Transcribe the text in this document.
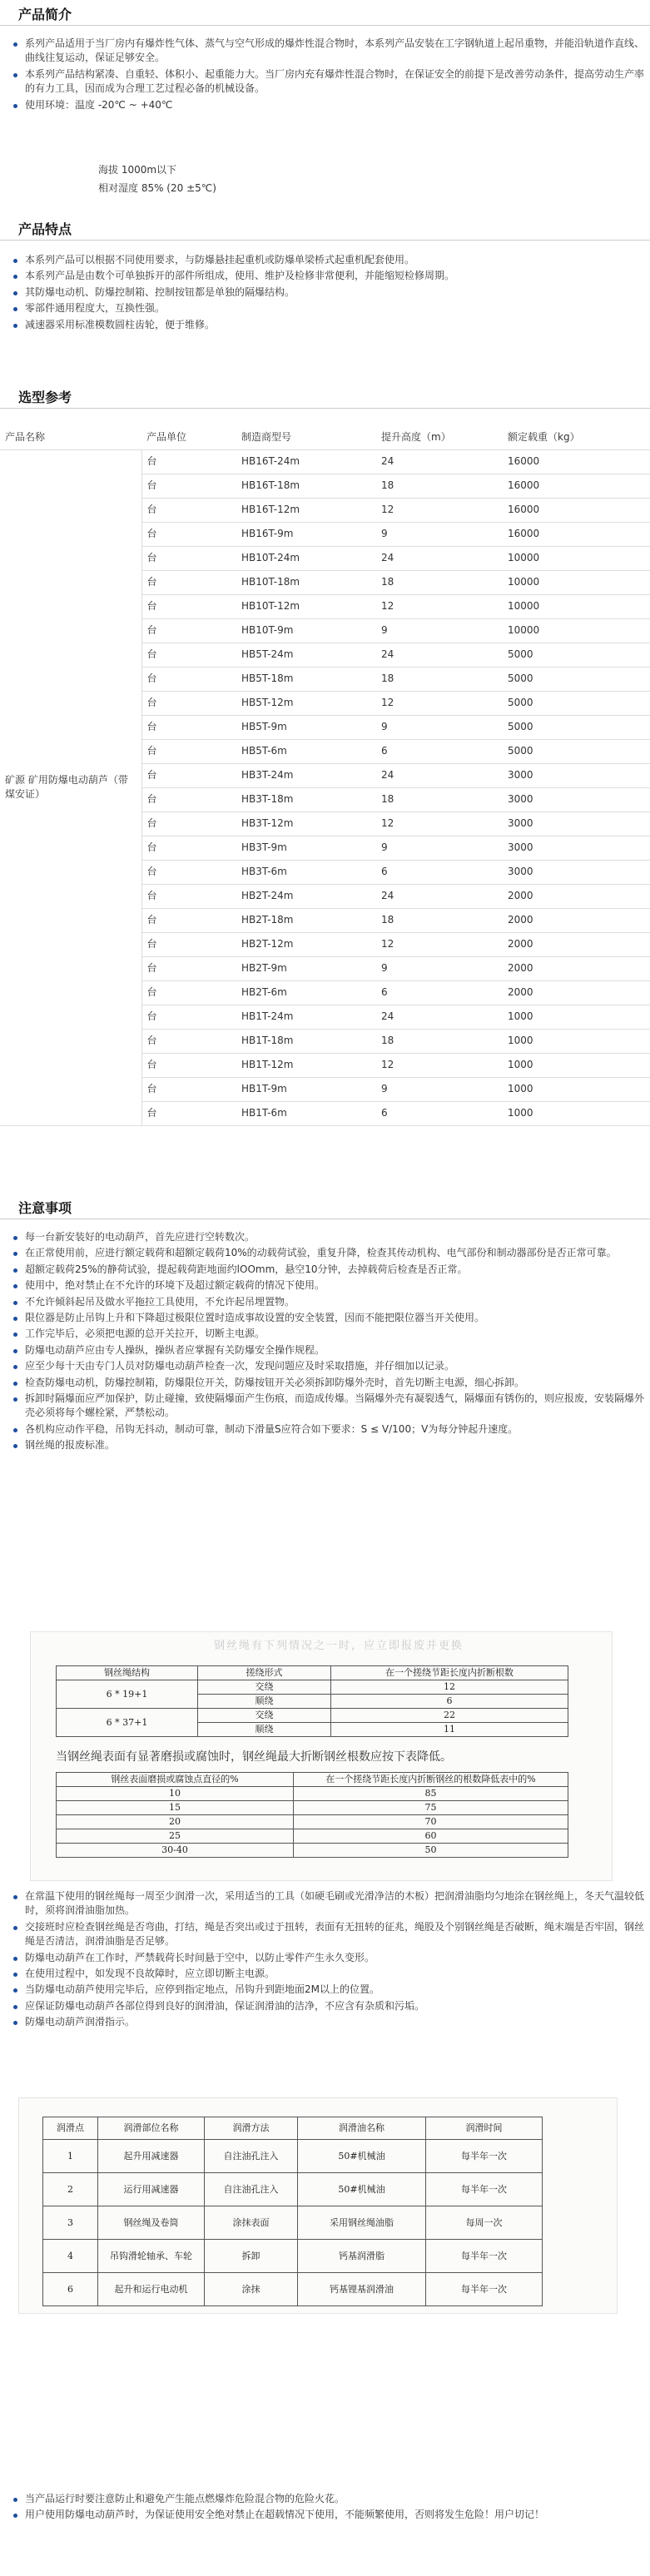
产品简介
系列产品适用于当厂房内有爆炸性气体、蒸气与空气形成的爆炸性混合物时，本系列产品安装在工字钢轨道上起吊重物，并能沿轨道作直线、曲线往复运动，保证足够安全。
本系列产品结构紧凑、自重轻、体积小、起重能力大。当厂房内充有爆炸性混合物时，在保证安全的前提下是改善劳动条件，提高劳动生产率的有力工具，因而成为合理工艺过程必备的机械设备。
使用环境：温度 -20℃ ~ +40℃
海拔 1000m以下
相对湿度 85% (20 ±5℃)
产品特点
本系列产品可以根据不同使用要求，与防爆悬挂起重机或防爆单梁桥式起重机配套使用。
本系列产品是由数个可单独拆开的部件所组成，使用、维护及检修非常便利，并能缩短检修周期。
其防爆电动机、防爆控制箱、控制按钮都是单独的隔爆结构。
零部件通用程度大，互换性强。
减速器采用标准模数圆柱齿轮，便于维修。
选型参考
产品名称	产品单位	制造商型号	提升高度（m）	额定载重（kg）
矿源 矿用防爆电动葫芦（带煤安证）	台	HB16T-24m	24	16000
	台	HB16T-18m	18	16000
	台	HB16T-12m	12	16000
	台	HB16T-9m	9	16000
	台	HB10T-24m	24	10000
	台	HB10T-18m	18	10000
	台	HB10T-12m	12	10000
	台	HB10T-9m	9	10000
	台	HB5T-24m	24	5000
	台	HB5T-18m	18	5000
	台	HB5T-12m	12	5000
	台	HB5T-9m	9	5000
	台	HB5T-6m	6	5000
	台	HB3T-24m	24	3000
	台	HB3T-18m	18	3000
	台	HB3T-12m	12	3000
	台	HB3T-9m	9	3000
	台	HB3T-6m	6	3000
	台	HB2T-24m	24	2000
	台	HB2T-18m	18	2000
	台	HB2T-12m	12	2000
	台	HB2T-9m	9	2000
	台	HB2T-6m	6	2000
	台	HB1T-24m	24	1000
	台	HB1T-18m	18	1000
	台	HB1T-12m	12	1000
	台	HB1T-9m	9	1000
	台	HB1T-6m	6	1000
注意事项
每一台新安装好的电动葫芦，首先应进行空转数次。
在正常使用前，应进行额定载荷和超额定载荷10%的动载荷试验，重复升降，检查其传动机构、电气部份和制动器部份是否正常可靠。
超额定载荷25%的静荷试验，提起载荷距地面约lOOmm，悬空10分钟，去掉载荷后检查是否正常。
使用中，绝对禁止在不允许的环境下及超过额定载荷的情况下使用。
不允许倾斜起吊及做水平拖拉工具使用，不允许起吊埋置物。
限位器是防止吊钩上升和下降超过极限位置时造成事故设置的安全装置，因而不能把限位器当开关使用。
工作完毕后，必须把电源的总开关拉开，切断主电源。
防爆电动葫芦应由专人操纵，操纵者应掌握有关防爆安全操作规程。
应至少每十天由专门人员对防爆电动葫芦检查一次，发现问题应及时采取措施，并仔细加以记录。
检查防爆电动机，防爆控制箱，防爆限位开关，防爆按钮开关必须拆卸防爆外壳时，首先切断主电源，细心拆卸。
拆卸时隔爆面应严加保护，防止碰撞，致使隔爆面产生伤痕，而造成传爆。当隔爆外壳有凝裂透气，隔爆面有锈伤的，则应报废，安装隔爆外壳必须将每个螺栓紧，严禁松动。
各机构应动作平稳，吊钩无抖动，制动可靠，制动下滑量S应符合如下要求：S ≤ V/100；V为每分钟起升速度。
钢丝绳的报废标准。
钢丝绳有下列情况之一时，应立即报废并更换
钢丝绳结构	搓绕形式	在一个搓绕节距长度内折断根数
6 * 19+1	交绕	12
	顺绕	6
6 * 37+1	交绕	22
	顺绕	11
当钢丝绳表面有显著磨损或腐蚀时，钢丝绳最大折断钢丝根数应按下表降低。
钢丝表面磨损或腐蚀点直径的%	在一个搓绕节距长度内折断钢丝的根数降低表中的%
10	85
15	75
20	70
25	60
30-40	50
在常温下使用的钢丝绳每一周至少润滑一次，采用适当的工具（如硬毛刷或光滑净洁的木板）把润滑油脂均匀地涂在钢丝绳上，冬天气温较低时，须将润滑油脂加热。
交接班时应检查钢丝绳是否弯曲，打结，绳是否突出或过于扭转，表面有无扭转的征兆，绳股及个别钢丝绳是否破断，绳末端是否牢固，钢丝绳是否清洁，润滑油脂是否足够。
防爆电动葫芦在工作时，严禁载荷长时间悬于空中，以防止零件产生永久变形。
在使用过程中，如发现不良故障时，应立即切断主电源。
当防爆电动葫芦使用完毕后，应停到指定地点，吊钩升到距地面2M以上的位置。
应保证防爆电动葫芦各部位得到良好的润滑油，保证润滑油的洁净，不应含有杂质和污垢。
防爆电动葫芦润滑指示。
润滑点	润滑部位名称	润滑方法	润滑油名称	润滑时间
1	起升用减速器	自注油孔注入	50#机械油	每半年一次
2	运行用减速器	自注油孔注入	50#机械油	每半年一次
3	钢丝绳及卷筒	涂抹表面	采用钢丝绳油脂	每周一次
4	吊钩滑轮轴承、车轮	拆卸	钙基润滑脂	每半年一次
6	起升和运行电动机	涂抹	钙基锂基润滑油	每半年一次
当产品运行时要注意防止和避免产生能点燃爆炸危险混合物的危险火花。
用户使用防爆电动葫芦时，为保证使用安全绝对禁止在超载情况下使用，不能频繁使用，否则将发生危险！用户切记！
